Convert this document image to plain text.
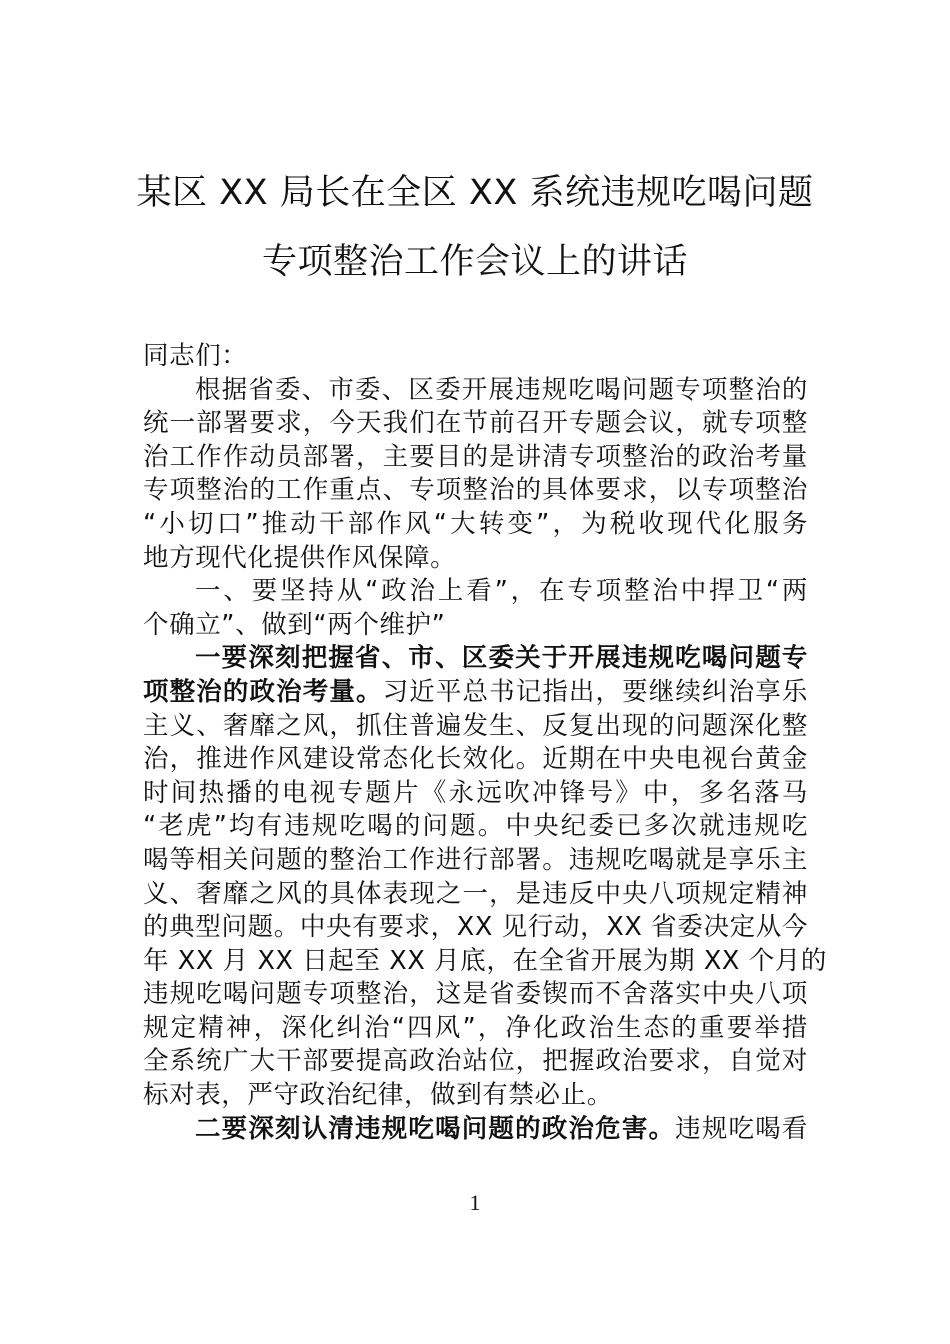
某区 XX 局长在全区 XX 系统违规吃喝问题
专项整治工作会议上的讲话
同志们：
根据省委、市委、区委开展违规吃喝问题专项整治的
统一部署要求，今天我们在节前召开专题会议，就专项整
治工作作动员部署，主要目的是讲清专项整治的政治考量
专项整治的工作重点、专项整治的具体要求，以专项整治
“小切口”推动干部作风“大转变”，为税收现代化服务
地方现代化提供作风保障。
一、要坚持从“政治上看”，在专项整治中捍卫“两
个确立”、做到“两个维护”
一要深刻把握省、市、区委关于开展违规吃喝问题专
项整治的政治考量。习近平总书记指出，要继续纠治享乐
主义、奢靡之风，抓住普遍发生、反复出现的问题深化整
治，推进作风建设常态化长效化。近期在中央电视台黄金
时间热播的电视专题片《永远吹冲锋号》中，多名落马
“老虎”均有违规吃喝的问题。中央纪委已多次就违规吃
喝等相关问题的整治工作进行部署。违规吃喝就是享乐主
义、奢靡之风的具体表现之一，是违反中央八项规定精神
的典型问题。中央有要求，XX 见行动，XX 省委决定从今
年 XX 月 XX 日起至 XX 月底，在全省开展为期 XX 个月的
违规吃喝问题专项整治，这是省委锲而不舍落实中央八项
规定精神，深化纠治“四风”，净化政治生态的重要举措
全系统广大干部要提高政治站位，把握政治要求，自觉对
标对表，严守政治纪律，做到有禁必止。
二要深刻认清违规吃喝问题的政治危害。违规吃喝看
1
